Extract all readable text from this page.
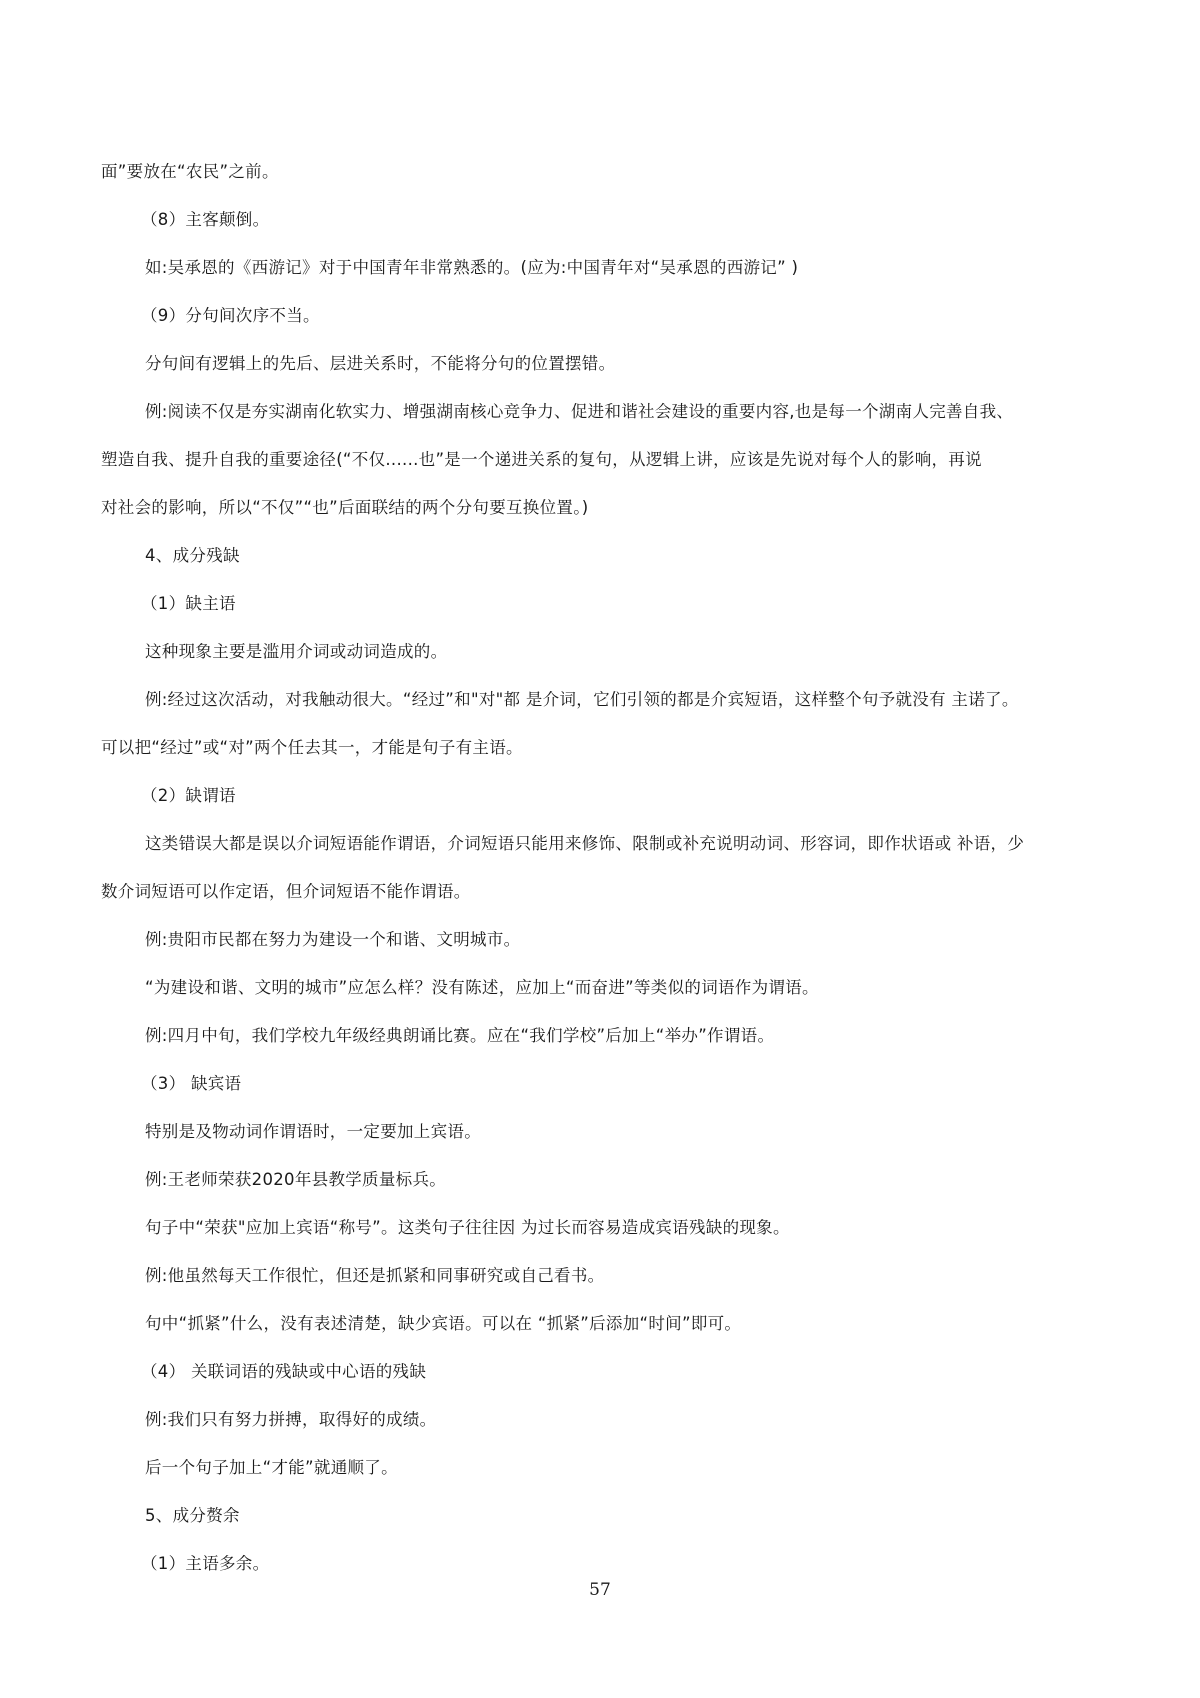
面”要放在“农民”之前。
（8）主客颠倒。
如:吴承恩的《西游记》对于中国青年非常熟悉的。(应为:中国青年对“吴承恩的西游记” )
（9）分句间次序不当。
分句间有逻辑上的先后、层进关系时，不能将分句的位置摆错。
例:阅读不仅是夯实湖南化软实力、增强湖南核心竞争力、促进和谐社会建设的重要内容,也是每一个湖南人完善自我、
塑造自我、提升自我的重要途径(“不仅......也”是一个递进关系的复句，从逻辑上讲，应该是先说对每个人的影响，再说
对社会的影响，所以“不仅”“也”后面联结的两个分句要互换位置。)
4、成分残缺
（1）缺主语
这种现象主要是滥用介词或动词造成的。
例:经过这次活动，对我触动很大。“经过”和"对"都 是介词，它们引领的都是介宾短语，这样整个句予就没有 主诺了。
可以把“经过”或“对”两个任去其一，才能是句子有主语。
（2）缺谓语
这类错误大都是误以介词短语能作谓语，介词短语只能用来修饰、限制或补充说明动词、形容词，即作状语或 补语，少
数介词短语可以作定语，但介词短语不能作谓语。
例:贵阳市民都在努力为建设一个和谐、文明城市。
“为建设和谐、文明的城市”应怎么样？没有陈述，应加上“而奋进”等类似的词语作为谓语。
例:四月中旬，我们学校九年级经典朗诵比赛。应在“我们学校”后加上“举办”作谓语。
（3） 缺宾语
特别是及物动词作谓语时，一定要加上宾语。
例:王老师荣获2020年县教学质量标兵。
句子中“荣获"应加上宾语“称号”。这类句子往往因 为过长而容易造成宾语残缺的现象。
例:他虽然每天工作很忙，但还是抓紧和同事研究或自己看书。
句中“抓紧”什么，没有表述清楚，缺少宾语。可以在 “抓紧”后添加“时间”即可。
（4） 关联词语的残缺或中心语的残缺
例:我们只有努力拼搏，取得好的成绩。
后一个句子加上“才能”就通顺了。
5、成分赘余
（1）主语多余。
57
